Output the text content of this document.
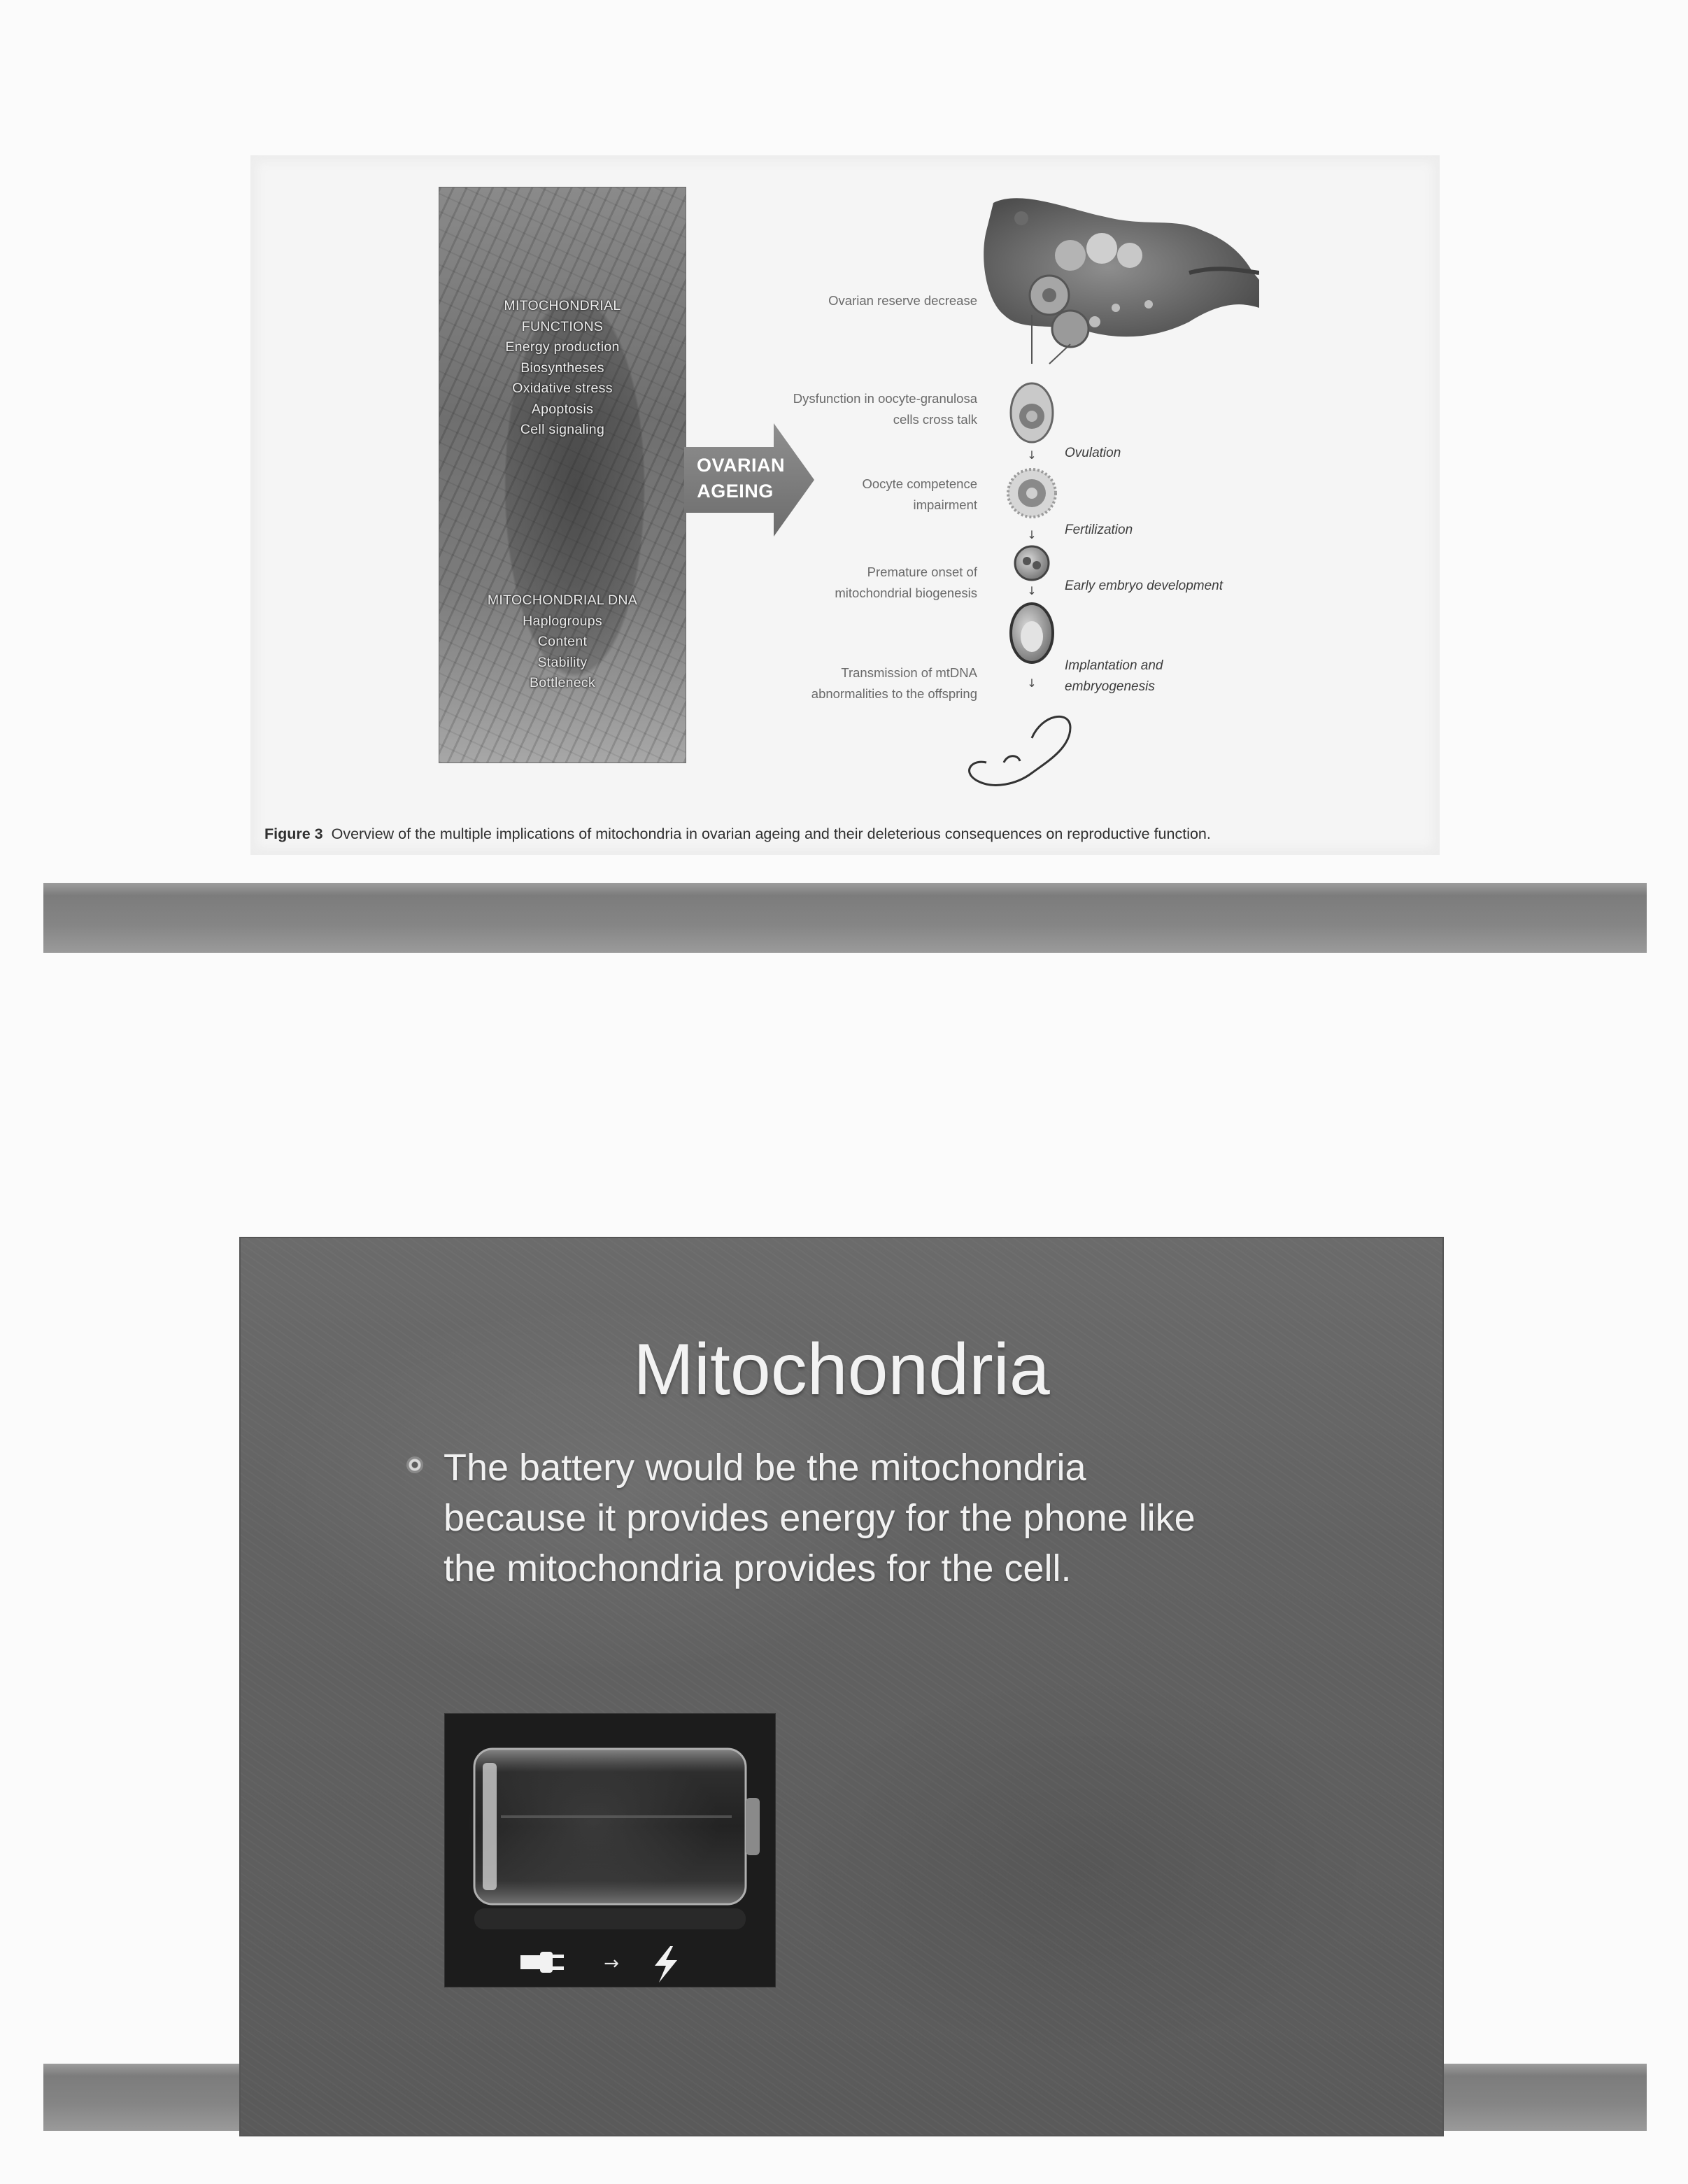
MITOCHONDRIAL
FUNCTIONS
Energy production
Biosyntheses
Oxidative stress
Apoptosis
Cell signaling
MITOCHONDRIAL DNA
Haplogroups
Content
Stability
Bottleneck
OVARIAN
AGEING
Ovarian reserve decrease
Dysfunction in oocyte-granulosa
cells cross talk
Oocyte competence
impairment
Premature onset of
mitochondrial biogenesis
Transmission of mtDNA
abnormalities to the offspring
↓
↓
↓
↓
Ovulation
Fertilization
Early embryo development
Implantation and
embryogenesis
Figure 3 Overview of the multiple implications of mitochondria in ovarian ageing and their deleterious consequences on reproductive function.
Mitochondria
The battery would be the mitochondria
because it provides energy for the phone like
the mitochondria provides for the cell.
→
